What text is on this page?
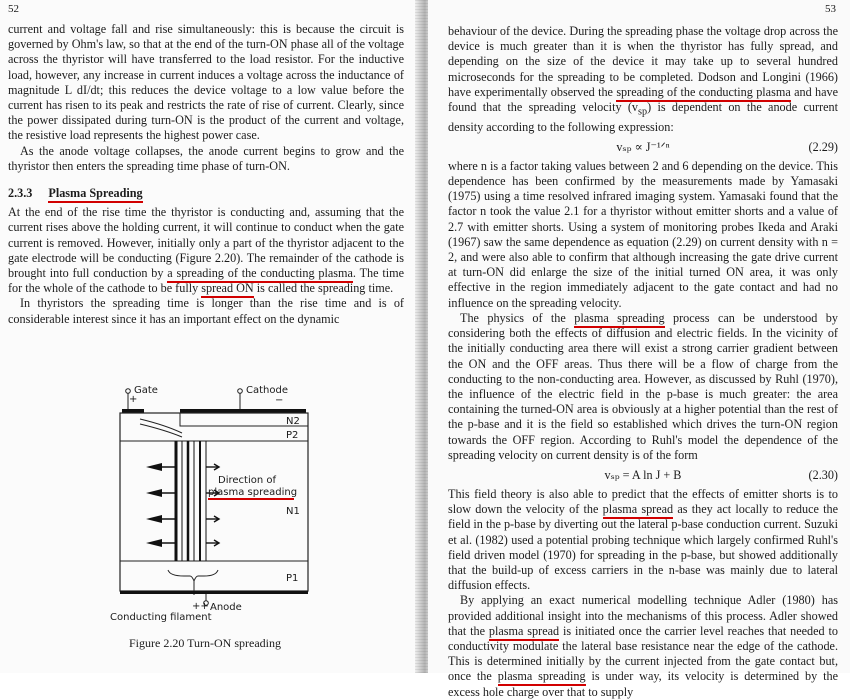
52

current and voltage fall and rise simultaneously: this is because the circuit is governed by Ohm's law, so that at the end of the turn-ON phase all of the voltage across the thyristor will have transferred to the load resistor. For the inductive load, however, any increase in current induces a voltage across the inductance of magnitude L dI/dt; this reduces the device voltage to a low value before the current has risen to its peak and restricts the rate of rise of current. Clearly, since the power dissipated during turn-ON is the product of the current and voltage, the resistive load represents the highest power case.

As the anode voltage collapses, the anode current begins to grow and the thyristor then enters the spreading time phase of turn-ON.

2.3.3 Plasma Spreading

At the end of the rise time the thyristor is conducting and, assuming that the current rises above the holding current, it will continue to conduct when the gate current is removed. However, initially only a part of the thyristor adjacent to the gate electrode will be conducting (Figure 2.20). The remainder of the cathode is brought into full conduction by a spreading of the conducting plasma. The time for the whole of the cathode to be fully spread ON is called the spreading time.

In thyristors the spreading time is longer than the rise time and is of considerable interest since it has an important effect on the dynamic

Gate
+
Cathode
−
N2
P2
N1
P1
Direction of
plasma spreading
++ Anode
Conducting filament
Figure 2.20 Turn-ON spreading
53

behaviour of the device. During the spreading phase the voltage drop across the device is much greater than it is when the thyristor has fully spread, and depending on the size of the device it may take up to several hundred microseconds for the spreading to be completed. Dodson and Longini (1966) have experimentally observed the spreading of the conducting plasma and have found that the spreading velocity $(v_{sp})$ is dependent on the anode current density according to the following expression:

vₛₚ ∝ J⁻¹ᐟⁿ	(2.29)

where n is a factor taking values between 2 and 6 depending on the device. This dependence has been confirmed by the measurements made by Yamasaki (1975) using a time resolved infrared imaging system. Yamasaki found that the factor n took the value 2.1 for a thyristor without emitter shorts and a value of 2.7 with emitter shorts. Using a system of monitoring probes Ikeda and Araki (1967) saw the same dependence as equation (2.29) on current density with n = 2, and were also able to confirm that although increasing the gate drive current at turn-ON did enlarge the size of the initial turned ON area, it was only effective in the region immediately adjacent to the gate contact and had no influence on the spreading velocity.

The physics of the plasma spreading process can be understood by considering both the effects of diffusion and electric fields. In the vicinity of the initially conducting area there will exist a strong carrier gradient between the ON and the OFF areas. Thus there will be a flow of charge from the conducting to the non-conducting area. However, as discussed by Ruhl (1970), the influence of the electric field in the p-base is much greater: the area containing the turned-ON area is obviously at a higher potential than the rest of the p-base and it is the field so established which drives the turn-ON region towards the OFF region. According to Ruhl's model the dependence of the spreading velocity on current density is of the form

vₛₚ = A ln J + B	(2.30)

This field theory is also able to predict that the effects of emitter shorts is to slow down the velocity of the plasma spread as they act locally to reduce the field in the p-base by diverting out the lateral p-base conduction current. Suzuki et al. (1982) used a potential probing technique which largely confirmed Ruhl's field driven model (1970) for spreading in the p-base, but showed additionally that the build-up of excess carriers in the n-base was mainly due to lateral diffusion effects.

By applying an exact numerical modelling technique Adler (1980) has provided additional insight into the mechanisms of this process. Adler showed that the plasma spread is initiated once the carrier level reaches that needed to conductivity modulate the lateral base resistance near the edge of the cathode. This is determined initially by the current injected from the gate contact but, once the plasma spreading is under way, its velocity is determined by the excess hole charge over that to supply
